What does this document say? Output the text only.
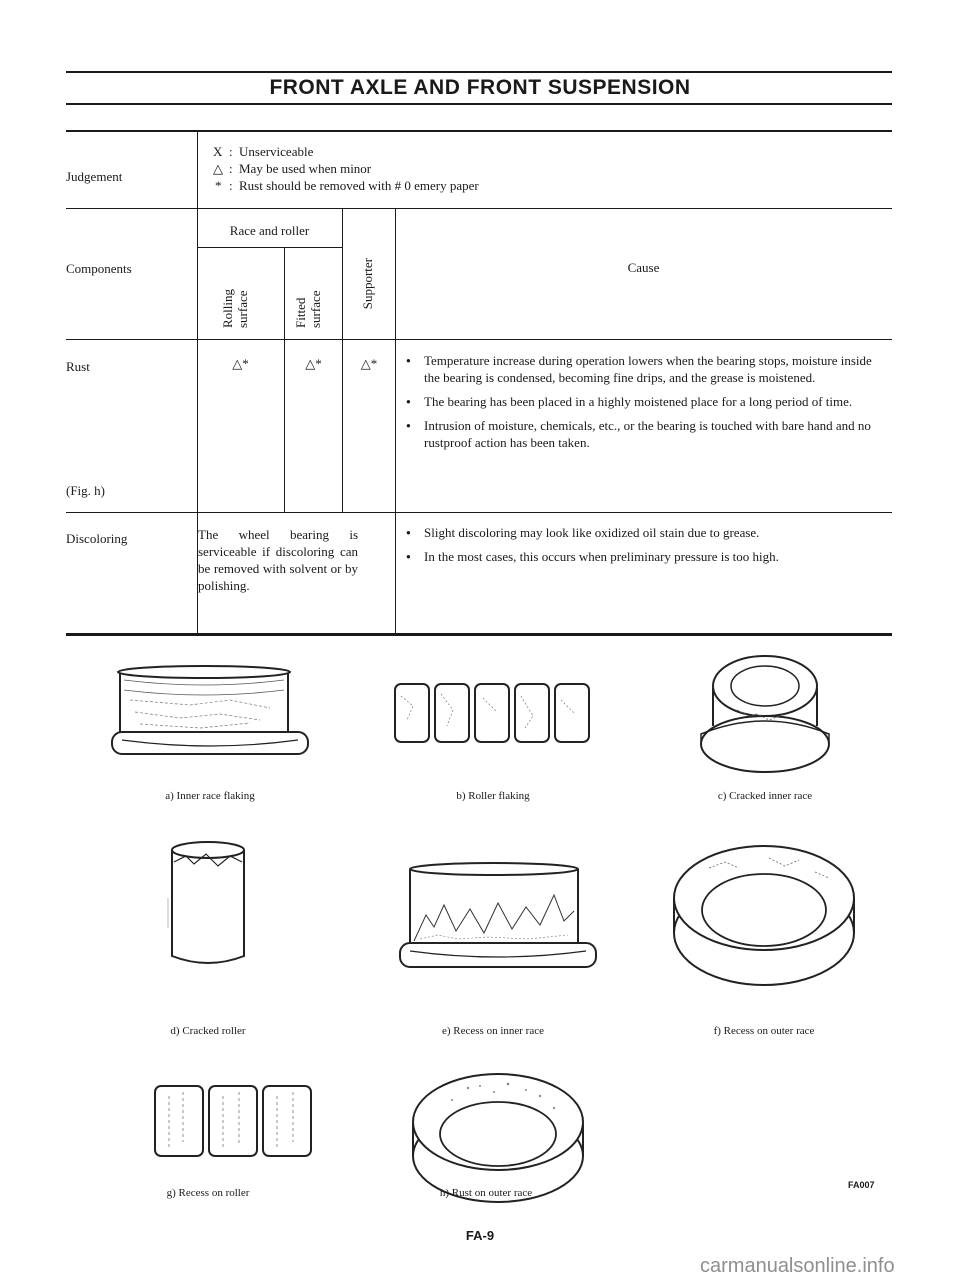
FRONT AXLE AND FRONT SUSPENSION
Judgement
X : Unserviceable
△ : May be used when minor
* : Rust should be removed with # 0 emery paper
Components
Race and roller
Rolling surface	Fitted surface	Supporter	Cause
Rust
(Fig. h)
△*	△*	△*
●	Temperature increase during operation lowers when the bearing stops, moisture inside the bearing is condensed, becoming fine drips, and the grease is moistened.
● The bearing has been placed in a highly moistened place for a long period of time.
● Intrusion of moisture, chemicals, etc., or the bearing is touched with bare hand and no rustproof action has been taken.
Discoloring	The wheel bearing is serviceable if discoloring can be removed with solvent or by polishing.
● Slight discoloring may look like oxidized oil stain due to grease.
● In the most cases, this occurs when preliminary pressure is too high.
a) Inner race flaking	b) Roller flaking	c) Cracked inner race
d) Cracked roller	e) Recess on inner race	f) Recess on outer race
g) Recess on roller	h) Rust on outer race
FA007
FA-9
carmanualsonline.info
